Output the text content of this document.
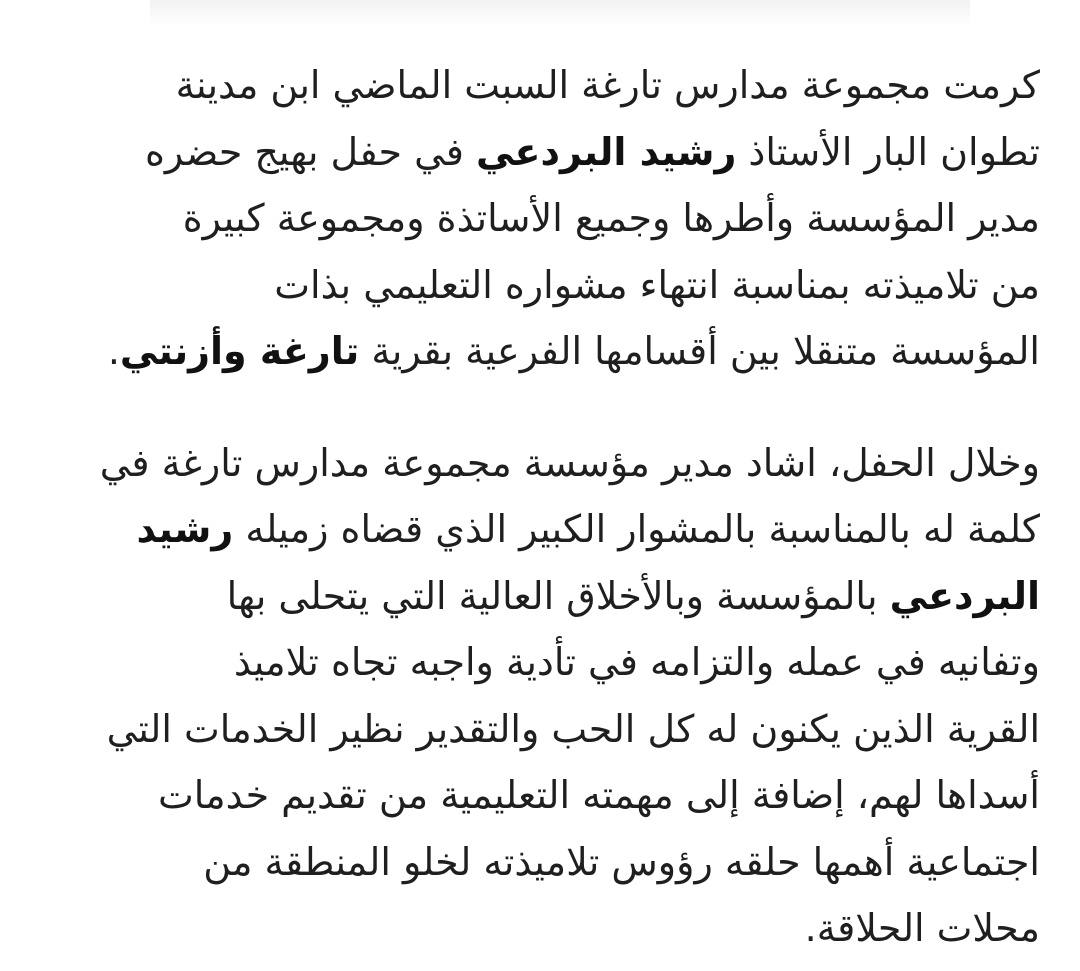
كرمت مجموعة مدارس تارغة السبت الماضي ابن مدينة
تطوان البار الأستاذ رشيد البردعي في حفل بهيج حضره
مدير المؤسسة وأطرها وجميع الأساتذة ومجموعة كبيرة
من تلاميذته بمناسبة انتهاء مشواره التعليمي بذات
المؤسسة متنقلا بين أقسامها الفرعية بقرية تارغة وأزنتي.

وخلال الحفل، اشاد مدير مؤسسة مجموعة مدارس تارغة في
كلمة له بالمناسبة بالمشوار الكبير الذي قضاه زميله رشيد
البردعي بالمؤسسة وبالأخلاق العالية التي يتحلى بها
وتفانيه في عمله والتزامه في تأدية واجبه تجاه تلاميذ
القرية الذين يكنون له كل الحب والتقدير نظير الخدمات التي
أسداها لهم، إضافة إلى مهمته التعليمية من تقديم خدمات
اجتماعية أهمها حلقه رؤوس تلاميذته لخلو المنطقة من
محلات الحلاقة.
